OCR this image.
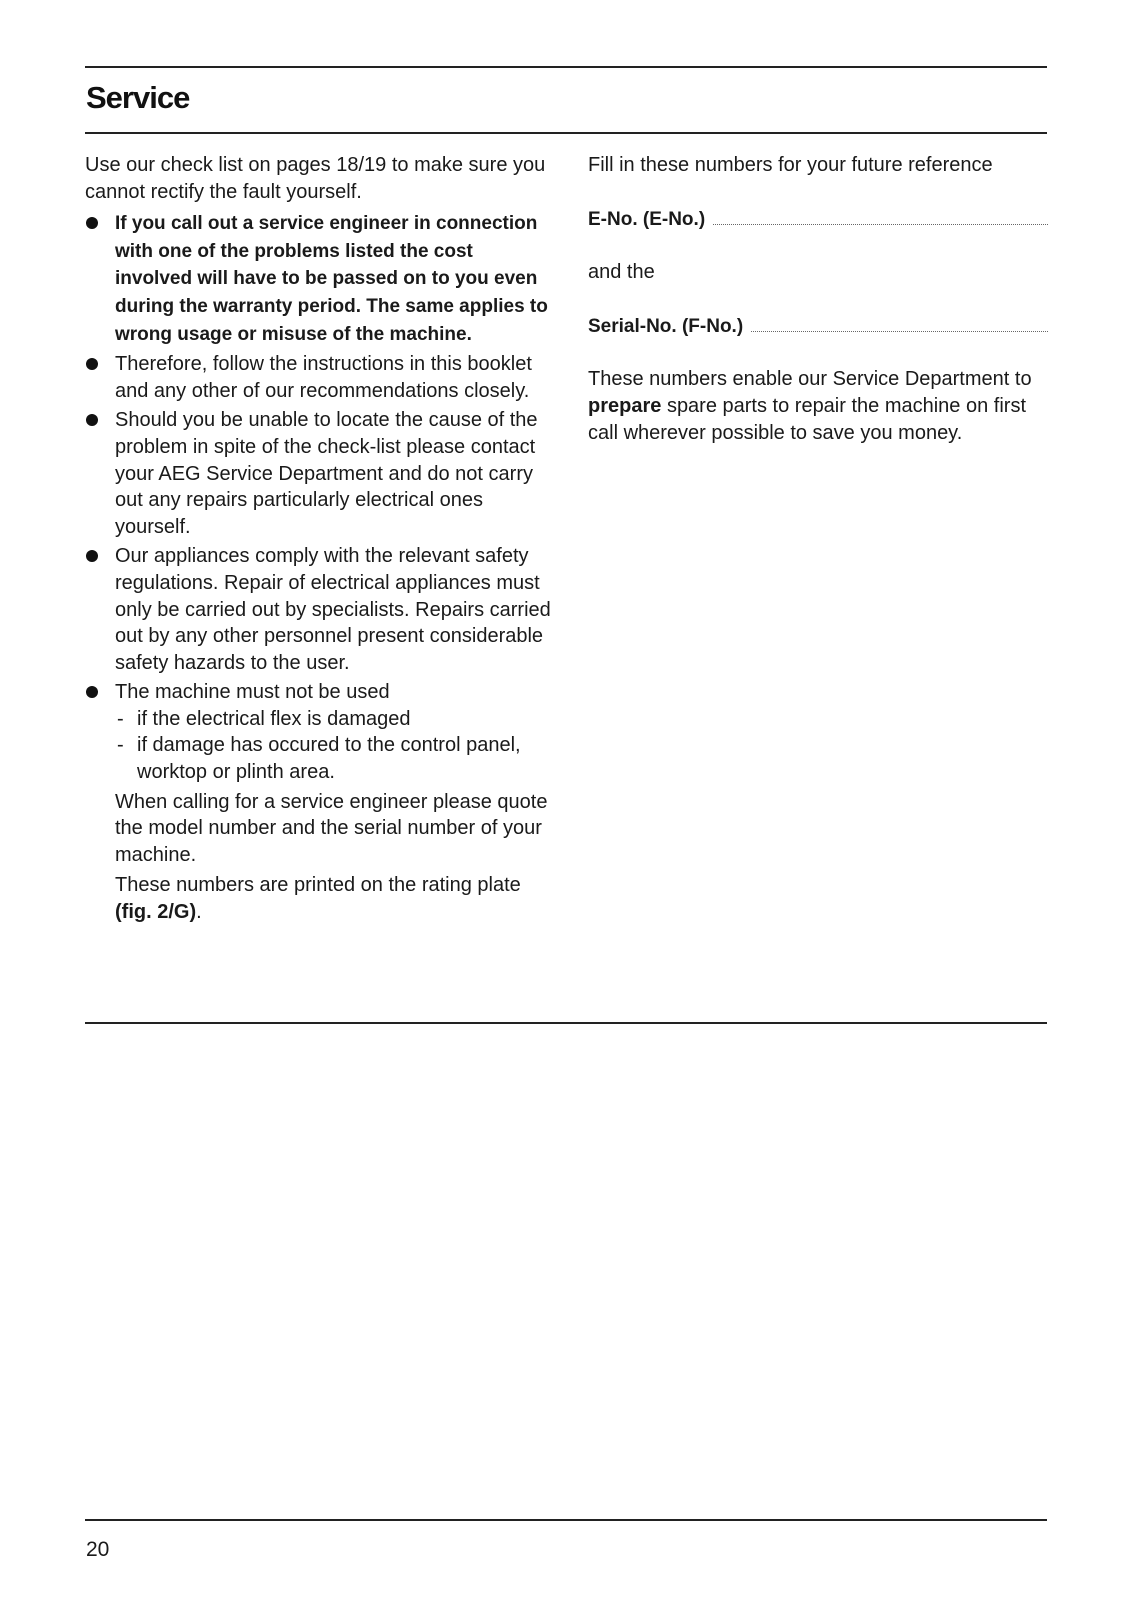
Service

Use our check list on pages 18/19 to make sure you cannot rectify the fault yourself.

If you call out a service engineer in connection with one of the problems listed the cost involved will have to be passed on to you even during the warranty period. The same applies to wrong usage or misuse of the machine.
Therefore, follow the instructions in this booklet and any other of our recommendations closely.
Should you be unable to locate the cause of the problem in spite of the check-list please contact your AEG Service Department and do not carry out any repairs particularly electrical ones yourself.
Our appliances comply with the relevant safety regulations. Repair of electrical appliances must only be carried out by specialists. Repairs carried out by any other personnel present considerable safety hazards to the user.
The machine must not be used
- if the electrical flex is damaged
- if damage has occured to the control panel, worktop or plinth area.

When calling for a service engineer please quote the model number and the serial number of your machine.

These numbers are printed on the rating plate (fig. 2/G).

Fill in these numbers for your future reference

E-No. (E-No.)

and the

Serial-No. (F-No.)

These numbers enable our Service Department to prepare spare parts to repair the machine on first call wherever possible to save you money.

20
